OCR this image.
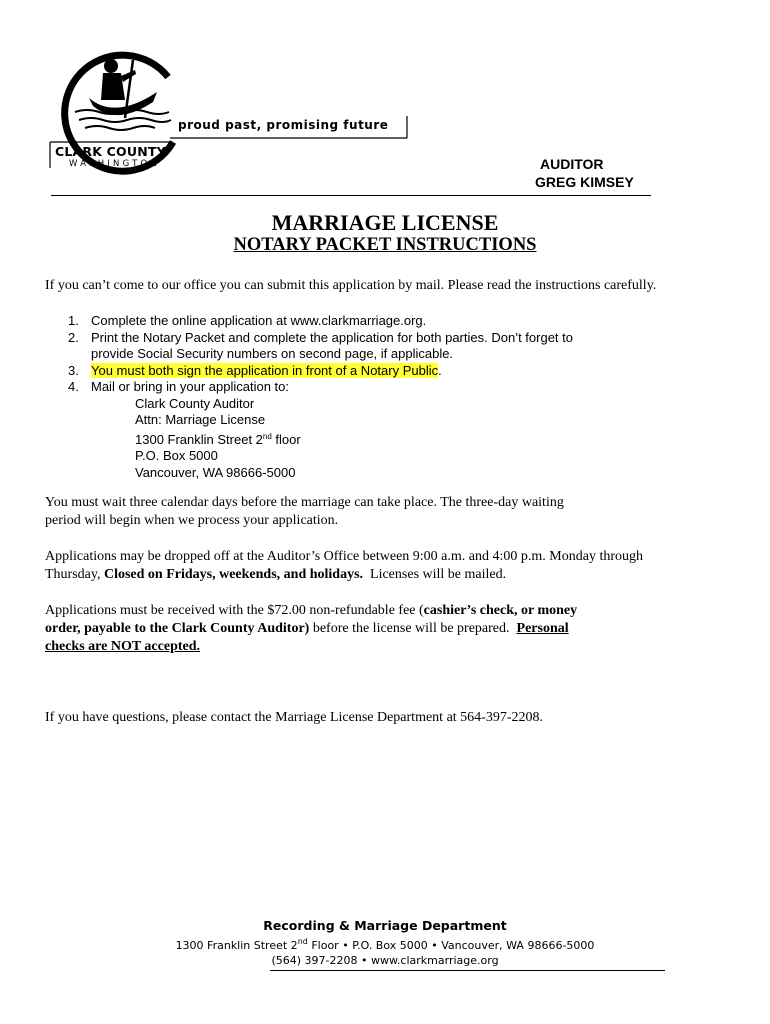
proud past, promising future
CLARK COUNTY
WASHINGTON	AUDITOR
GREG KIMSEY
MARRIAGE LICENSE
NOTARY PACKET INSTRUCTIONS
If you can’t come to our office you can submit this application by mail. Please read the instructions carefully.
1. Complete the online application at www.clarkmarriage.org.
2. Print the Notary Packet and complete the application for both parties. Don’t forget to
provide Social Security numbers on second page, if applicable.
3. You must both sign the application in front of a Notary Public.
4. Mail or bring in your application to:
Clark County Auditor
Attn: Marriage License
1300 Franklin Street 2nd floor
P.O. Box 5000
Vancouver, WA 98666-5000
You must wait three calendar days before the marriage can take place. The three-day waiting
period will begin when we process your application.
Applications may be dropped off at the Auditor’s Office between 9:00 a.m. and 4:00 p.m. Monday through
Thursday, Closed on Fridays, weekends, and holidays.  Licenses will be mailed.
Applications must be received with the $72.00 non-refundable fee (cashier’s check, or money
order, payable to the Clark County Auditor) before the license will be prepared.  Personal
checks are NOT accepted.
If you have questions, please contact the Marriage License Department at 564-397-2208.
Recording & Marriage Department
1300 Franklin Street 2nd Floor • P.O. Box 5000 • Vancouver, WA 98666-5000
(564) 397-2208 • www.clarkmarriage.org
